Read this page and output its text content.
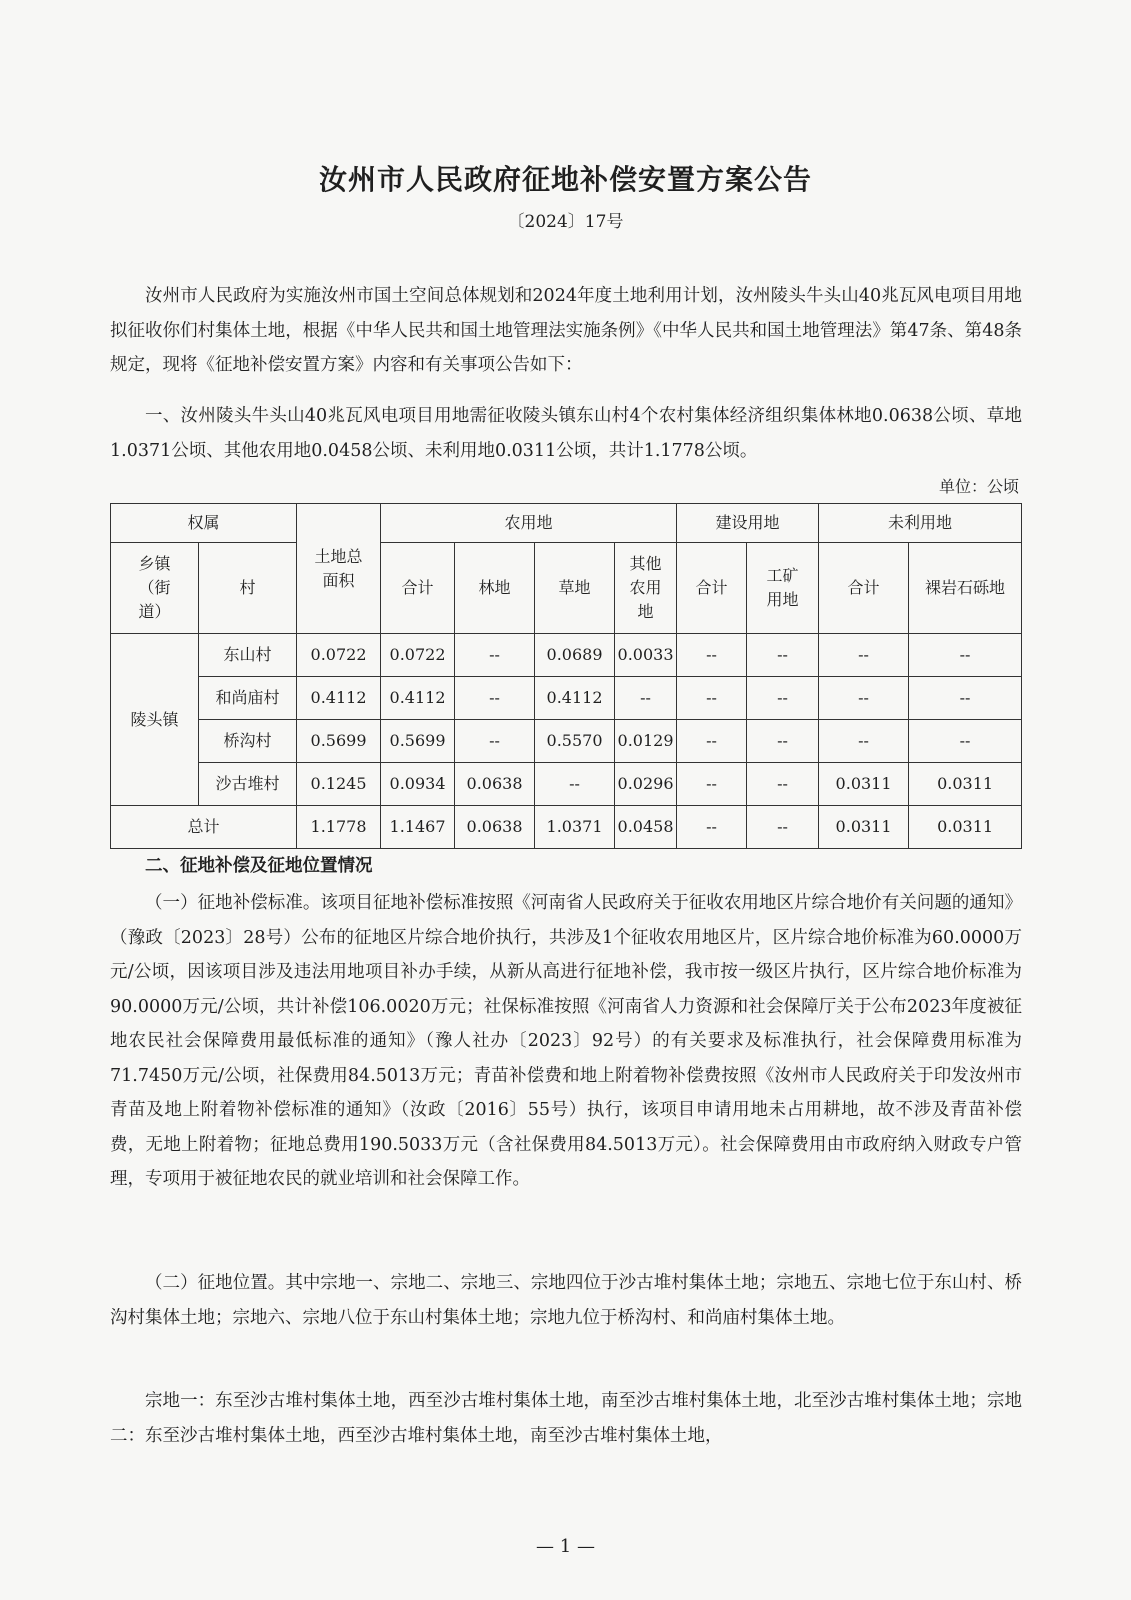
汝州市人民政府征地补偿安置方案公告
〔2024〕17号

汝州市人民政府为实施汝州市国土空间总体规划和2024年度土地利用计划，汝州陵头牛头山40兆瓦风电项目用地拟征收你们村集体土地，根据《中华人民共和国土地管理法实施条例》《中华人民共和国土地管理法》第47条、第48条规定，现将《征地补偿安置方案》内容和有关事项公告如下：

一、汝州陵头牛头山40兆瓦风电项目用地需征收陵头镇东山村4个农村集体经济组织集体林地0.0638公顷、草地1.0371公顷、其他农用地0.0458公顷、未利用地0.0311公顷，共计1.1778公顷。

单位：公顷
权属		土地总面积	农用地				建设用地		未利用地	
乡镇（街道）	村		合计	林地	草地	其他农用地	合计	工矿用地	合计	裸岩石砾地
陵头镇	东山村	0.0722	0.0722	--	0.0689	0.0033	--	--	--	--
	和尚庙村	0.4112	0.4112	--	0.4112	--	--	--	--	--
	桥沟村	0.5699	0.5699	--	0.5570	0.0129	--	--	--	--
	沙古堆村	0.1245	0.0934	0.0638	--	0.0296	--	--	0.0311	0.0311
总计		1.1778	1.1467	0.0638	1.0371	0.0458	--	--	0.0311	0.0311
二、征地补偿及征地位置情况

（一）征地补偿标准。该项目征地补偿标准按照《河南省人民政府关于征收农用地区片综合地价有关问题的通知》（豫政〔2023〕28号）公布的征地区片综合地价执行，共涉及1个征收农用地区片，区片综合地价标准为60.0000万元/公顷，因该项目涉及违法用地项目补办手续，从新从高进行征地补偿，我市按一级区片执行，区片综合地价标准为90.0000万元/公顷，共计补偿106.0020万元；社保标准按照《河南省人力资源和社会保障厅关于公布2023年度被征地农民社会保障费用最低标准的通知》（豫人社办〔2023〕92号）的有关要求及标准执行，社会保障费用标准为71.7450万元/公顷，社保费用84.5013万元；青苗补偿费和地上附着物补偿费按照《汝州市人民政府关于印发汝州市青苗及地上附着物补偿标准的通知》（汝政〔2016〕55号）执行，该项目申请用地未占用耕地，故不涉及青苗补偿费，无地上附着物；征地总费用190.5033万元（含社保费用84.5013万元）。社会保障费用由市政府纳入财政专户管理，专项用于被征地农民的就业培训和社会保障工作。

（二）征地位置。其中宗地一、宗地二、宗地三、宗地四位于沙古堆村集体土地；宗地五、宗地七位于东山村、桥沟村集体土地；宗地六、宗地八位于东山村集体土地；宗地九位于桥沟村、和尚庙村集体土地。

宗地一：东至沙古堆村集体土地，西至沙古堆村集体土地，南至沙古堆村集体土地，北至沙古堆村集体土地；宗地二：东至沙古堆村集体土地，西至沙古堆村集体土地，南至沙古堆村集体土地，

— 1 —
